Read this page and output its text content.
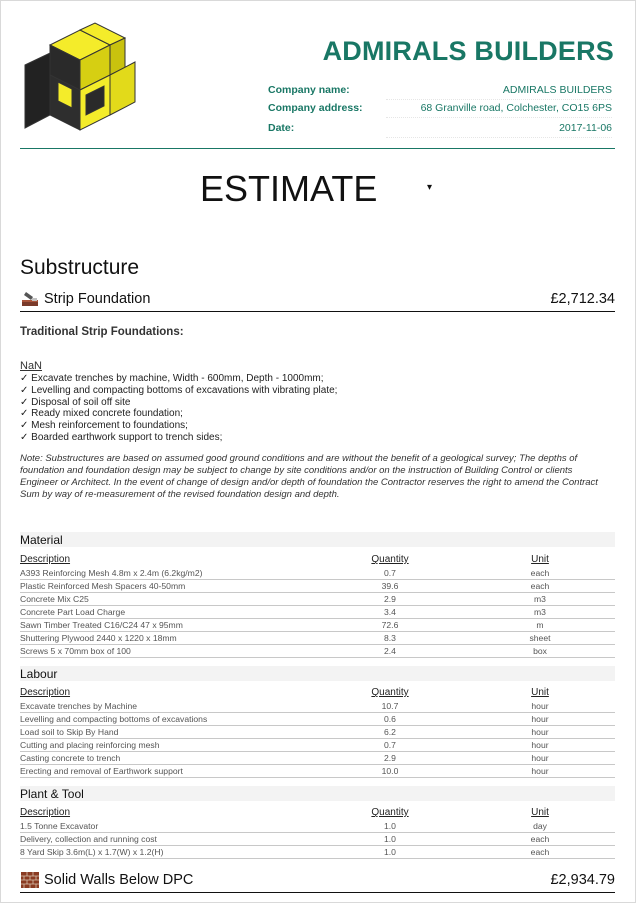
ADMIRALS BUILDERS
Company name:	ADMIRALS BUILDERS
Company address:	68 Granville road, Colchester, CO15 6PS
Date:	2017-11-06
ESTIMATE	▾
Substructure
Strip Foundation	£2,712.34
Traditional Strip Foundations:
NaN
✓ Excavate trenches by machine, Width - 600mm, Depth - 1000mm;
✓ Levelling and compacting bottoms of excavations with vibrating plate;
✓ Disposal of soil off site
✓ Ready mixed concrete foundation;
✓ Mesh reinforcement to foundations;
✓ Boarded earthwork support to trench sides;
Note: Substructures are based on assumed good ground conditions and are without the benefit of a geological survey; The depths of foundation and foundation design may be subject to change by site conditions and/or on the instruction of Building Control or clients Engineer or Architect. In the event of change of design and/or depth of foundation the Contractor reserves the right to amend the Contract Sum by way of re-measurement of the revised foundation design and depth.
Material
Description	Quantity	Unit
A393 Reinforcing Mesh 4.8m x 2.4m (6.2kg/m2)	0.7	each
Plastic Reinforced Mesh Spacers 40-50mm	39.6	each
Concrete Mix C25	2.9	m3
Concrete Part Load Charge	3.4	m3
Sawn Timber Treated C16/C24 47 x 95mm	72.6	m
Shuttering Plywood 2440 x 1220 x 18mm	8.3	sheet
Screws 5 x 70mm box of 100	2.4	box
Labour
Description	Quantity	Unit
Excavate trenches by Machine	10.7	hour
Levelling and compacting bottoms of excavations	0.6	hour
Load soil to Skip By Hand	6.2	hour
Cutting and placing reinforcing mesh	0.7	hour
Casting concrete to trench	2.9	hour
Erecting and removal of Earthwork support	10.0	hour
Plant & Tool
Description	Quantity	Unit
1.5 Tonne Excavator	1.0	day
Delivery, collection and running cost	1.0	each
8 Yard Skip 3.6m(L) x 1.7(W) x 1.2(H)	1.0	each
Solid Walls Below DPC	£2,934.79
